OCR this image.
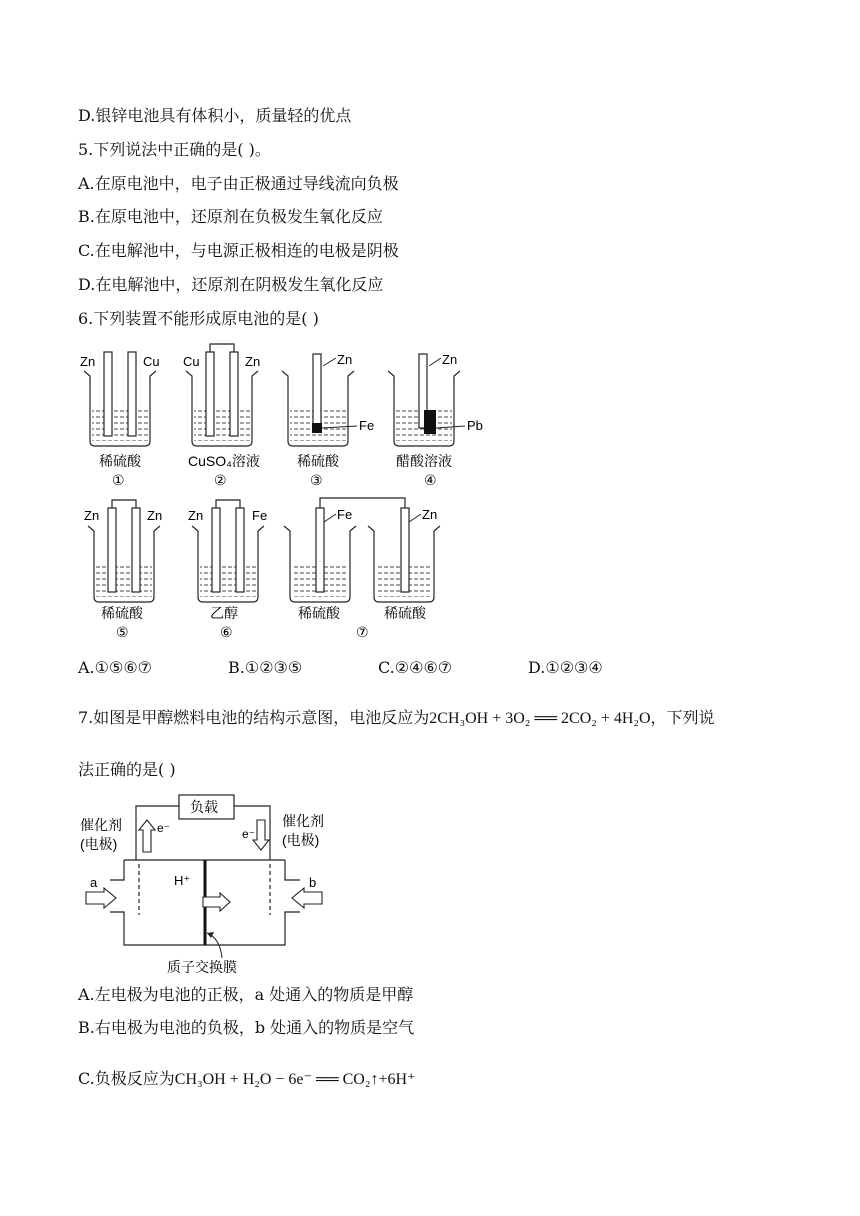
D.银锌电池具有体积小，质量轻的优点
5.下列说法中正确的是( )。
A.在原电池中，电子由正极通过导线流向负极
B.在原电池中，还原剂在负极发生氧化反应
C.在电解池中，与电源正极相连的电极是阴极
D.在电解池中，还原剂在阴极发生氧化反应
6.下列装置不能形成原电池的是( )
Zn	Cu
稀硫酸
①
Cu	Zn
CuSO₄溶液
②
Zn
Fe
稀硫酸
③
Zn
Pb
醋酸溶液
④
Zn	Zn
稀硫酸
⑤
Zn	Fe
乙醇
⑥
Fe	Zn
稀硫酸	稀硫酸
⑦
A.①⑤⑥⑦	B.①②③⑤	C.②④⑥⑦	D.①②③④
7.如图是甲醇燃料电池的结构示意图，电池反应为2CH₃OH + 3O₂ ══ 2CO₂ + 4H₂O，下列说
法正确的是( )
负载
e⁻	e⁻
催化剂
(电极)
催化剂
(电极)
a	b
H⁺
质子交换膜
A.左电极为电池的正极，a 处通入的物质是甲醇
B.右电极为电池的负极，b 处通入的物质是空气
C.负极反应为CH₃OH + H₂O − 6e⁻ ══ CO₂↑+6H⁺
